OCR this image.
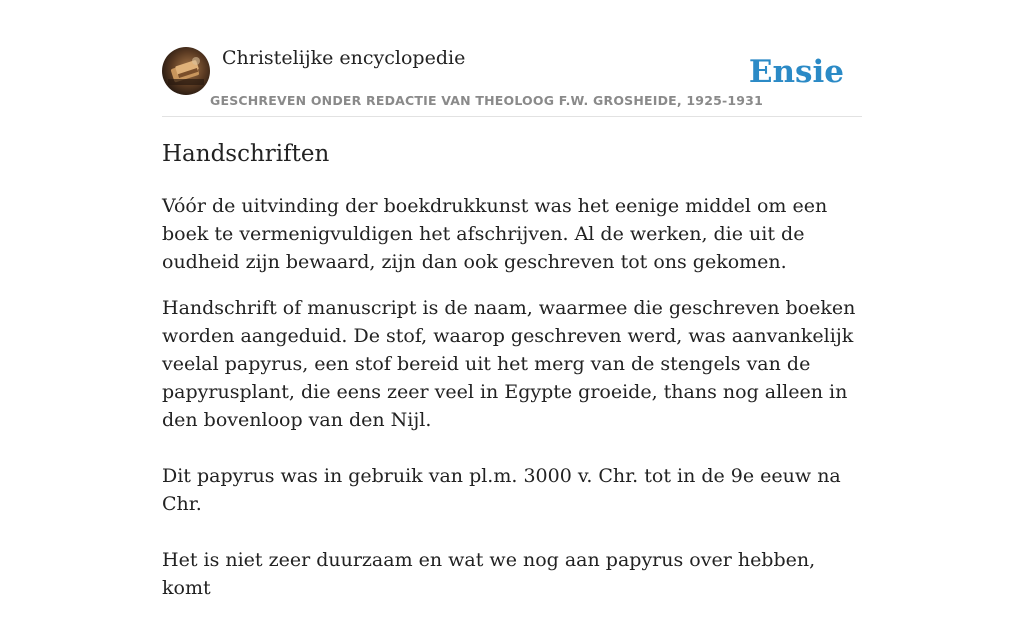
Christelijke encyclopedie
GESCHREVEN ONDER REDACTIE VAN THEOLOOG F.W. GROSHEIDE, 1925-1931
Ensie
Handschriften

Vóór de uitvinding der boekdrukkunst was het eenige middel om een boek te vermenigvuldigen het afschrijven. Al de werken, die uit de oudheid zijn bewaard, zijn dan ook geschreven tot ons gekomen.

Handschrift of manuscript is de naam, waarmee die geschreven boeken worden aangeduid. De stof, waarop geschreven werd, was aanvankelijk veelal papyrus, een stof bereid uit het merg van de stengels van de papyrusplant, die eens zeer veel in Egypte groeide, thans nog alleen in den bovenloop van den Nijl.

Dit papyrus was in gebruik van pl.m. 3000 v. Chr. tot in de 9e eeuw na Chr.

Het is niet zeer duurzaam en wat we nog aan papyrus over hebben, komt
